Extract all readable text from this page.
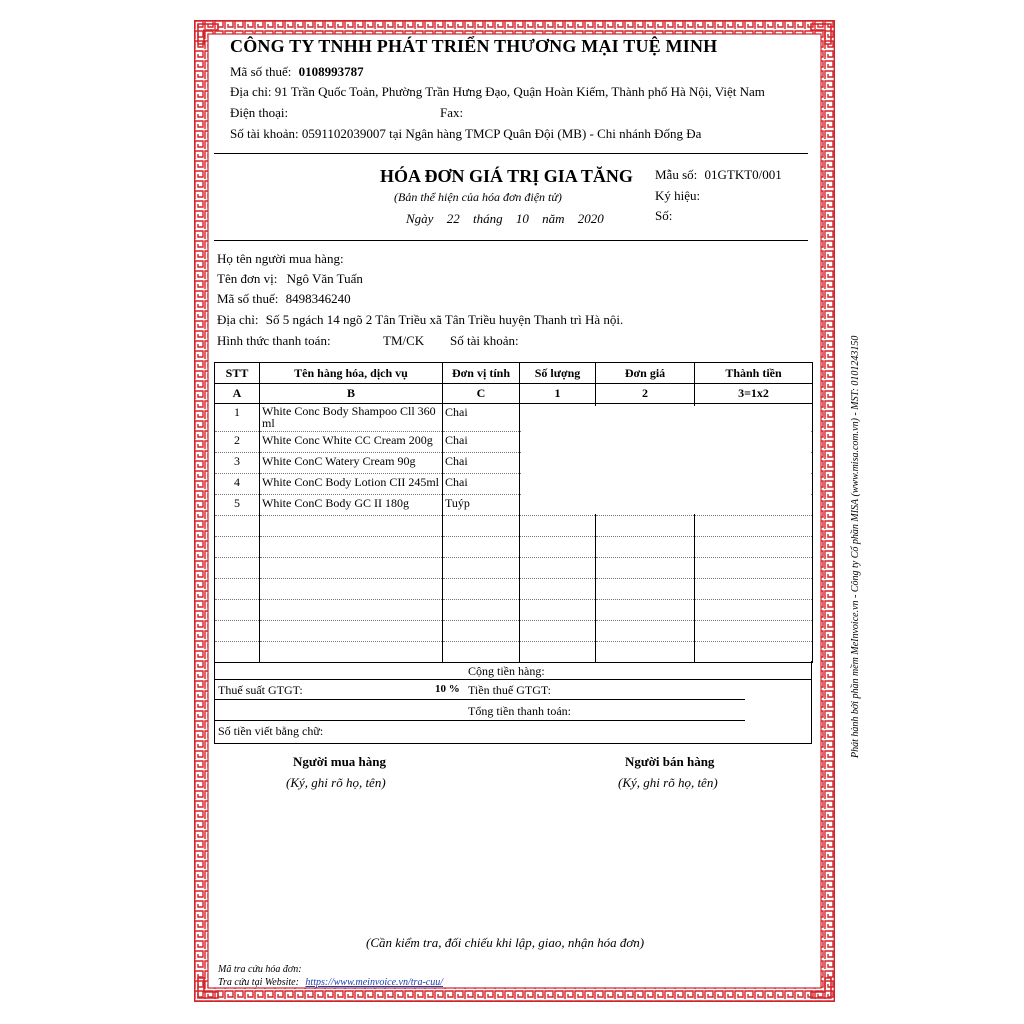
CÔNG TY TNHH PHÁT TRIỂN THƯƠNG MẠI TUỆ MINH
Mã số thuế: 0108993787
Địa chỉ: 91 Trần Quốc Toản, Phường Trần Hưng Đạo, Quận Hoàn Kiếm, Thành phố Hà Nội, Việt Nam
Điện thoại:	Fax:
Số tài khoản: 0591102039007 tại Ngân hàng TMCP Quân Đội (MB) - Chi nhánh Đống Đa
HÓA ĐƠN GIÁ TRỊ GIA TĂNG
(Bản thể hiện của hóa đơn điện tử)
Ngày 22 tháng 10 năm 2020
Mẫu số: 01GTKT0/001
Ký hiệu:
Số:
Họ tên người mua hàng:
Tên đơn vị: Ngô Văn Tuấn
Mã số thuế: 8498346240
Địa chỉ: Số 5 ngách 14 ngõ 2 Tân Triều xã Tân Triều huyện Thanh trì Hà nội.
Hình thức thanh toán:	TM/CK Số tài khoản:
STT	Tên hàng hóa, dịch vụ	Đơn vị tính	Số lượng	Đơn giá	Thành tiền
A	B	C	1	2	3=1x2
1	White Conc Body Shampoo Cll 360 ml	Chai			
2	White Conc White CC Cream 200g	Chai			
3	White ConC Watery Cream 90g	Chai			
4	White ConC Body Lotion CII 245ml	Chai			
5	White ConC Body GC II 180g	Tuýp			

Cộng tiền hàng:
Thuế suất GTGT:	10 % Tiền thuế GTGT:
Tổng tiền thanh toán:
Số tiền viết bằng chữ:
Người mua hàng
(Ký, ghi rõ họ, tên)
Người bán hàng
(Ký, ghi rõ họ, tên)
(Cần kiểm tra, đối chiếu khi lập, giao, nhận hóa đơn)
Mã tra cứu hóa đơn:
Tra cứu tại Website: https://www.meinvoice.vn/tra-cuu/
Phát hành bởi phần mềm MeInvoice.vn - Công ty Cổ phần MISA (www.misa.com.vn) - MST: 0101243150
